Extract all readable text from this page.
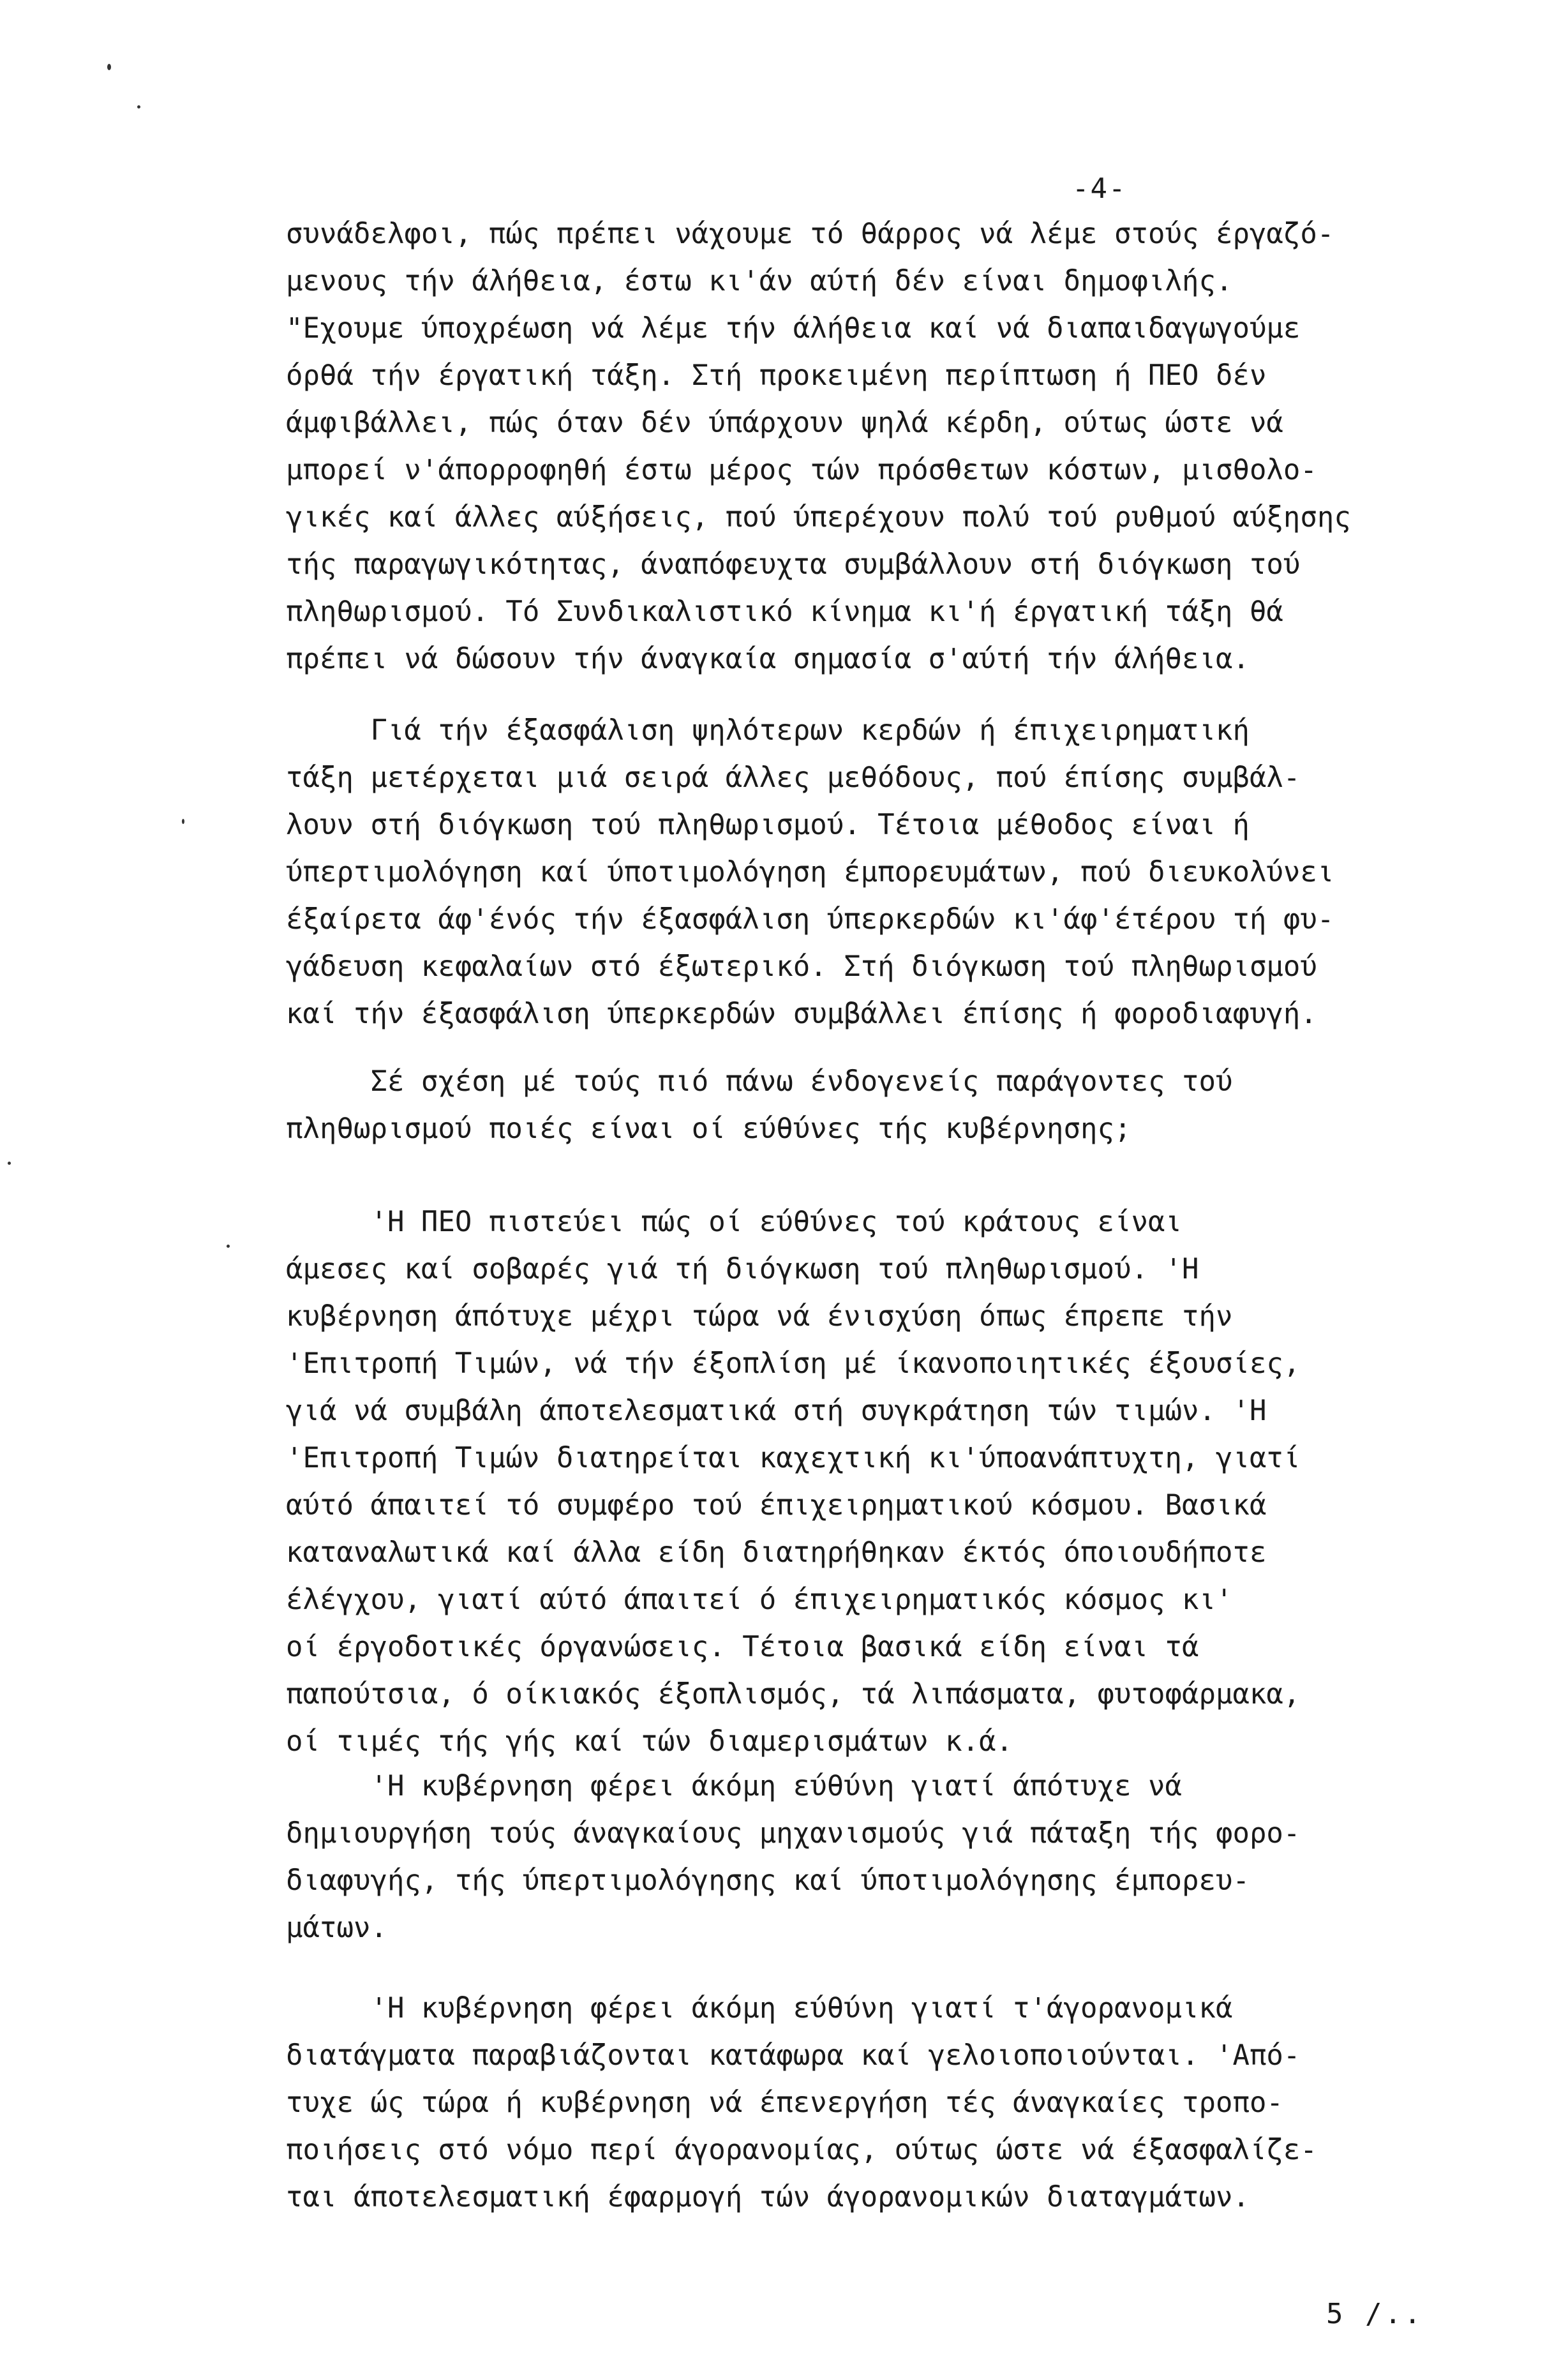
-4-
συνάδελφοι, πώς πρέπει νάχουμε τό θάρρος νά λέμε στούς έργαζό-
μενους τήν άλήθεια, έστω κι'άν αύτή δέν είναι δημοφιλής.
"Εχουμε ύποχρέωση νά λέμε τήν άλήθεια καί νά διαπαιδαγωγούμε
όρθά τήν έργατική τάξη. Στή προκειμένη περίπτωση ή ΠΕΟ δέν
άμφιβάλλει, πώς όταν δέν ύπάρχουν ψηλά κέρδη, ούτως ώστε νά
μπορεί ν'άπορροφηθή έστω μέρος τών πρόσθετων κόστων, μισθολο-
γικές καί άλλες αύξήσεις, πού ύπερέχουν πολύ τού ρυθμού αύξησης
τής παραγωγικότητας, άναπόφευχτα συμβάλλουν στή διόγκωση τού
πληθωρισμού. Τό Συνδικαλιστικό κίνημα κι'ή έργατική τάξη θά
πρέπει νά δώσουν τήν άναγκαία σημασία σ'αύτή τήν άλήθεια.
Γιά τήν έξασφάλιση ψηλότερων κερδών ή έπιχειρηματική
τάξη μετέρχεται μιά σειρά άλλες μεθόδους, πού έπίσης συμβάλ-
λουν στή διόγκωση τού πληθωρισμού. Τέτοια μέθοδος είναι ή
ύπερτιμολόγηση καί ύποτιμολόγηση έμπορευμάτων, πού διευκολύνει
έξαίρετα άφ'ένός τήν έξασφάλιση ύπερκερδών κι'άφ'έτέρου τή φυ-
γάδευση κεφαλαίων στό έξωτερικό. Στή διόγκωση τού πληθωρισμού
καί τήν έξασφάλιση ύπερκερδών συμβάλλει έπίσης ή φοροδιαφυγή.
Σέ σχέση μέ τούς πιό πάνω ένδογενείς παράγοντες τού
πληθωρισμού ποιές είναι οί εύθύνες τής κυβέρνησης;
'Η ΠΕΟ πιστεύει πώς οί εύθύνες τού κράτους είναι
άμεσες καί σοβαρές γιά τή διόγκωση τού πληθωρισμού. 'Η
κυβέρνηση άπότυχε μέχρι τώρα νά ένισχύση όπως έπρεπε τήν
'Επιτροπή Τιμών, νά τήν έξοπλίση μέ ίκανοποιητικές έξουσίες,
γιά νά συμβάλη άποτελεσματικά στή συγκράτηση τών τιμών. 'Η
'Επιτροπή Τιμών διατηρείται καχεχτική κι'ύποανάπτυχτη, γιατί
αύτό άπαιτεί τό συμφέρο τού έπιχειρηματικού κόσμου. Βασικά
καταναλωτικά καί άλλα είδη διατηρήθηκαν έκτός όποιουδήποτε
έλέγχου, γιατί αύτό άπαιτεί ό έπιχειρηματικός κόσμος κι'
οί έργοδοτικές όργανώσεις. Τέτοια βασικά είδη είναι τά
παπούτσια, ό οίκιακός έξοπλισμός, τά λιπάσματα, φυτοφάρμακα,
οί τιμές τής γής καί τών διαμερισμάτων κ.ά.
'Η κυβέρνηση φέρει άκόμη εύθύνη γιατί άπότυχε νά
δημιουργήση τούς άναγκαίους μηχανισμούς γιά πάταξη τής φορο-
διαφυγής, τής ύπερτιμολόγησης καί ύποτιμολόγησης έμπορευ-
μάτων.
'Η κυβέρνηση φέρει άκόμη εύθύνη γιατί τ'άγορανομικά
διατάγματα παραβιάζονται κατάφωρα καί γελοιοποιούνται. 'Από-
τυχε ώς τώρα ή κυβέρνηση νά έπενεργήση τές άναγκαίες τροπο-
ποιήσεις στό νόμο περί άγορανομίας, ούτως ώστε νά έξασφαλίζε-
ται άποτελεσματική έφαρμογή τών άγορανομικών διαταγμάτων.
5 /..
